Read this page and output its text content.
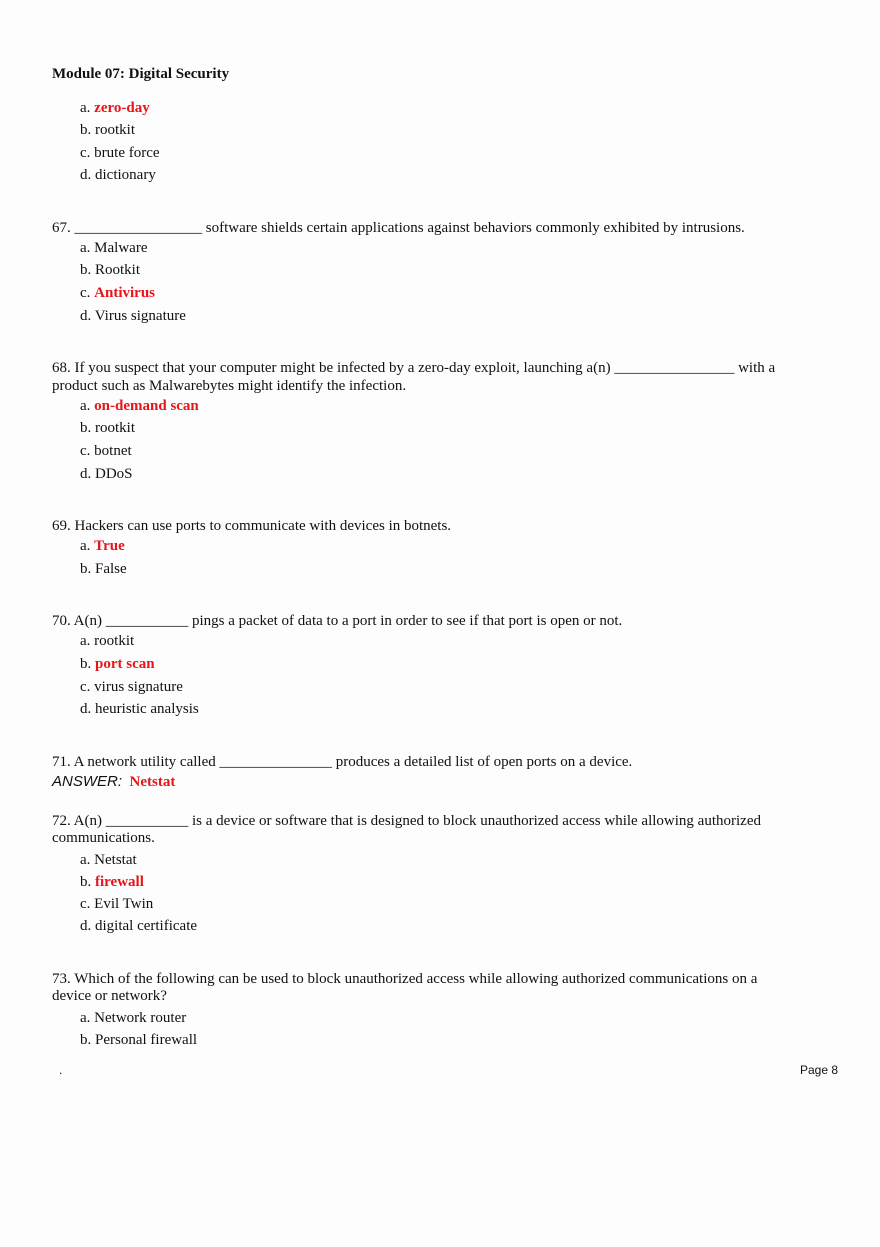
Module 07: Digital Security
a. zero-day
b. rootkit
c. brute force
d. dictionary
67. _________________ software shields certain applications against behaviors commonly exhibited by intrusions.
a. Malware
b. Rootkit
c. Antivirus
d. Virus signature
68. If you suspect that your computer might be infected by a zero-day exploit, launching a(n) ________________ with a
product such as Malwarebytes might identify the infection.
a. on-demand scan
b. rootkit
c. botnet
d. DDoS
69. Hackers can use ports to communicate with devices in botnets.
a. True
b. False
70. A(n) ___________ pings a packet of data to a port in order to see if that port is open or not.
a. rootkit
b. port scan
c. virus signature
d. heuristic analysis
71. A network utility called _______________ produces a detailed list of open ports on a device.
ANSWER: Netstat
72. A(n) ___________ is a device or software that is designed to block unauthorized access while allowing authorized
communications.
a. Netstat
b. firewall
c. Evil Twin
d. digital certificate
73. Which of the following can be used to block unauthorized access while allowing authorized communications on a
device or network?
a. Network router
b. Personal firewall
.	Page 8
